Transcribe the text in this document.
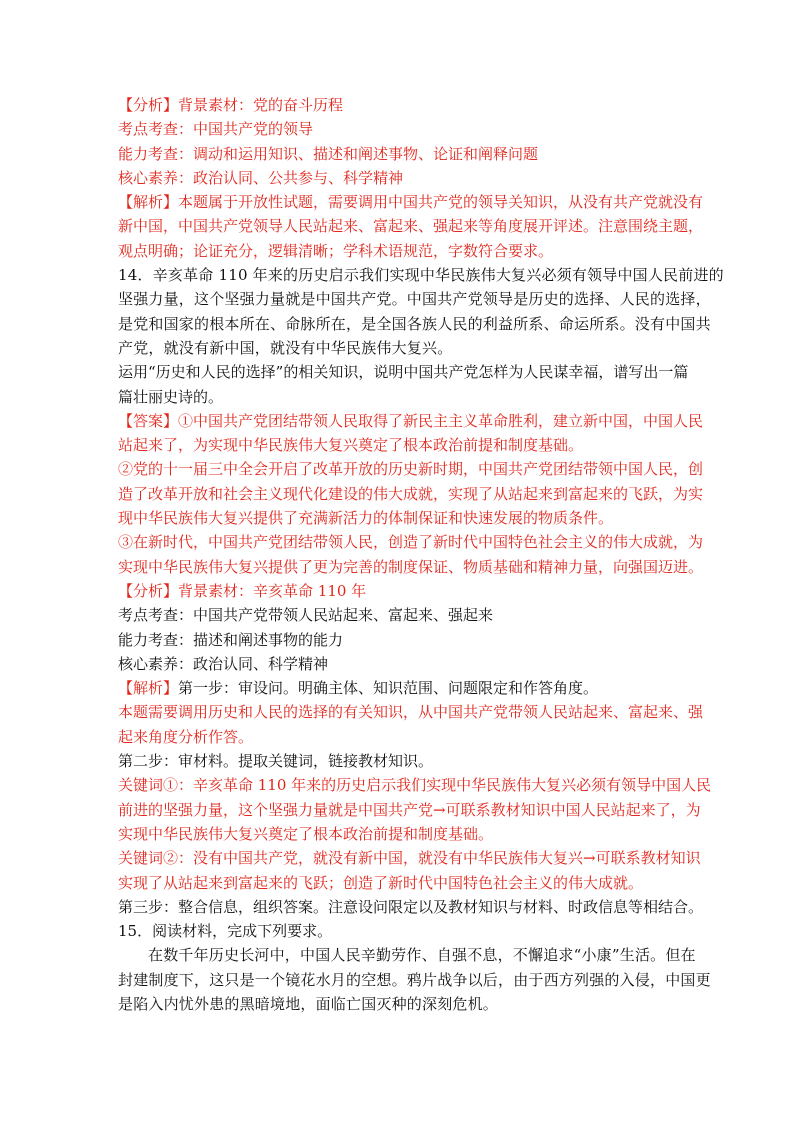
【分析】背景素材：党的奋斗历程
考点考查：中国共产党的领导
能力考查：调动和运用知识、描述和阐述事物、论证和阐释问题
核心素养：政治认同、公共参与、科学精神
【解析】本题属于开放性试题，需要调用中国共产党的领导关知识，从没有共产党就没有
新中国，中国共产党领导人民站起来、富起来、强起来等角度展开评述。注意围绕主题，
观点明确；论证充分，逻辑清晰；学科术语规范，字数符合要求。
14．辛亥革命 110 年来的历史启示我们实现中华民族伟大复兴必须有领导中国人民前进的
坚强力量，这个坚强力量就是中国共产党。中国共产党领导是历史的选择、人民的选择，
是党和国家的根本所在、命脉所在，是全国各族人民的利益所系、命运所系。没有中国共
产党，就没有新中国，就没有中华民族伟大复兴。
运用“历史和人民的选择”的相关知识，说明中国共产党怎样为人民谋幸福，谱写出一篇
篇壮丽史诗的。
【答案】①中国共产党团结带领人民取得了新民主主义革命胜利，建立新中国，中国人民
站起来了，为实现中华民族伟大复兴奠定了根本政治前提和制度基础。
②党的十一届三中全会开启了改革开放的历史新时期，中国共产党团结带领中国人民，创
造了改革开放和社会主义现代化建设的伟大成就，实现了从站起来到富起来的飞跃，为实
现中华民族伟大复兴提供了充满新活力的体制保证和快速发展的物质条件。
③在新时代，中国共产党团结带领人民，创造了新时代中国特色社会主义的伟大成就，为
实现中华民族伟大复兴提供了更为完善的制度保证、物质基础和精神力量，向强国迈进。
【分析】背景素材：辛亥革命 110 年
考点考查：中国共产党带领人民站起来、富起来、强起来
能力考查：描述和阐述事物的能力
核心素养：政治认同、科学精神
【解析】第一步：审设问。明确主体、知识范围、问题限定和作答角度。
本题需要调用历史和人民的选择的有关知识，从中国共产党带领人民站起来、富起来、强
起来角度分析作答。
第二步：审材料。提取关键词，链接教材知识。
关键词①：辛亥革命 110 年来的历史启示我们实现中华民族伟大复兴必须有领导中国人民
前进的坚强力量，这个坚强力量就是中国共产党→可联系教材知识中国人民站起来了，为
实现中华民族伟大复兴奠定了根本政治前提和制度基础。
关键词②：没有中国共产党，就没有新中国，就没有中华民族伟大复兴→可联系教材知识
实现了从站起来到富起来的飞跃；创造了新时代中国特色社会主义的伟大成就。
第三步：整合信息，组织答案。注意设问限定以及教材知识与材料、时政信息等相结合。
15．阅读材料，完成下列要求。
在数千年历史长河中，中国人民辛勤劳作、自强不息，不懈追求“小康”生活。但在
封建制度下，这只是一个镜花水月的空想。鸦片战争以后，由于西方列强的入侵，中国更
是陷入内忧外患的黑暗境地，面临亡国灭种的深刻危机。
